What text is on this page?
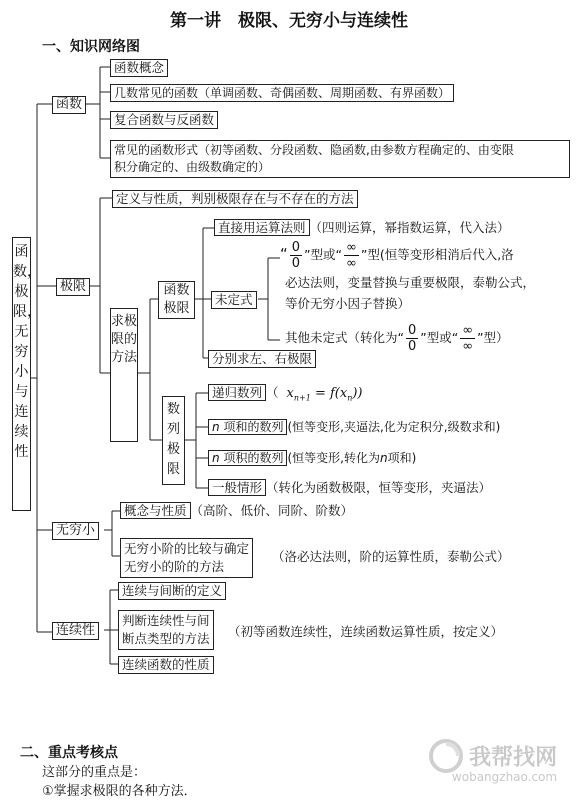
第一讲　极限、无穷小与连续性
一、知识网络图
函数，极限，无穷小与连续性
函数
函数概念
几数常见的函数（单调函数、奇偶函数、周期函数、有界函数）
复合函数与反函数
常见的函数形式（初等函数、分段函数、隐函数,由参数方程确定的、由变限
积分确定的、由级数确定的）
极限
定义与性质，判别极限存在与不存在的方法
求极限的方法
函数极限
直接用运算法则 （四则运算，幂指数运算，代入法）
未定式
“ $\frac{0}{0}$ ”型或“ $\frac{\infty}{\infty}$ ”型(恒等变形相消后代入,洛
必达法则，变量替换与重要极限，泰勒公式，
等价无穷小因子替换）
其他未定式（转化为“ $\frac{0}{0}$ ”型或“ $\frac{\infty}{\infty}$ ”型）
分别求左、右极限
数列极限
递归数列 （ $x_{n+1} = f(x_n)$)
n 项和的数列 (恒等变形,夹逼法,化为定积分,级数求和)
n 项积的数列 (恒等变形,转化为n项和)
一般情形 （转化为函数极限，恒等变形，夹逼法）
无穷小
概念与性质 （高阶、低价、同阶、阶数）
无穷小阶的比较与确定
无穷小的阶的方法
（洛必达法则，阶的运算性质，泰勒公式）
连续性
连续与间断的定义
判断连续性与间
断点类型的方法 （初等函数连续性，连续函数运算性质，按定义）
连续函数的性质
二、重点考核点
这部分的重点是：
①掌握求极限的各种方法．
我帮找网
wobangzhao.com
